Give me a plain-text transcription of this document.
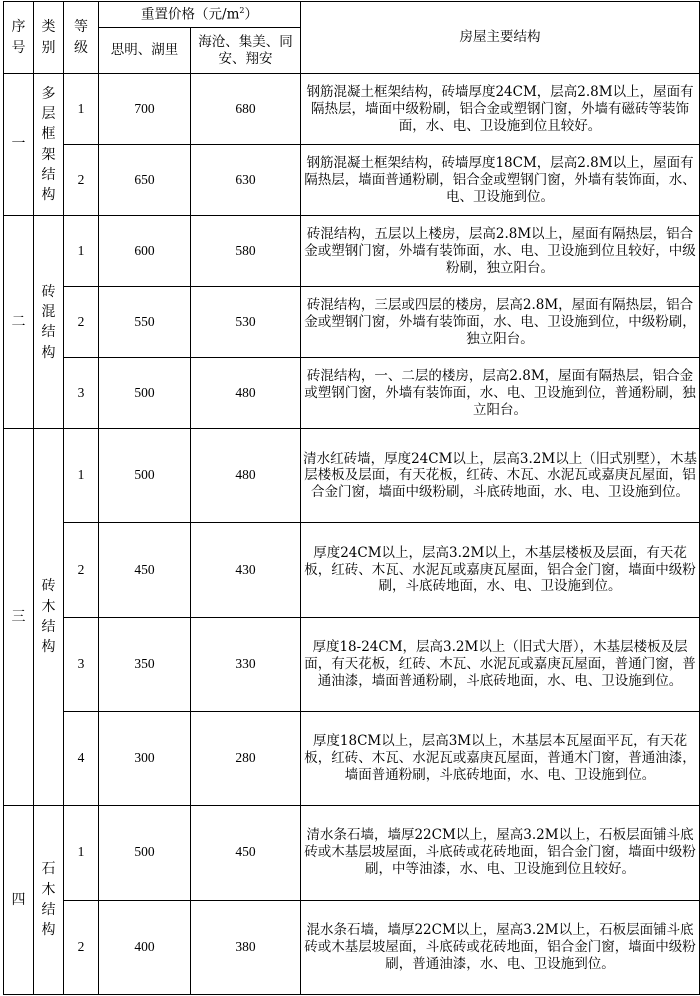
序号	类别	等级	重置价格（元$/m^2$）		房屋主要结构
			思明、湖里	海沧、集美、同安、翔安	
一	多层框架结构	1	700	680	钢筋混凝土框架结构，砖墙厚度24CM，层高2.8M以上，屋面有隔热层，墙面中级粉刷，铝合金或塑钢门窗，外墙有磁砖等装饰面，水、电、卫设施到位且较好。
		2	650	630	钢筋混凝土框架结构，砖墙厚度18CM，层高2.8M以上，屋面有隔热层，墙面普通粉刷，铝合金或塑钢门窗，外墙有装饰面，水、电、卫设施到位。
二	砖混结构	1	600	580	砖混结构，五层以上楼房，层高2.8M以上，屋面有隔热层，铝合金或塑钢门窗，外墙有装饰面，水、电、卫设施到位且较好，中级粉刷，独立阳台。
		2	550	530	砖混结构，三层或四层的楼房，层高2.8M，屋面有隔热层，铝合金或塑钢门窗，外墙有装饰面，水、电、卫设施到位，中级粉刷，独立阳台。
		3	500	480	砖混结构，一、二层的楼房，层高2.8M，屋面有隔热层，铝合金或塑钢门窗，外墙有装饰面，水、电、卫设施到位，普通粉刷，独立阳台。
三	砖木结构	1	500	480	清水红砖墙，厚度24CM以上，层高3.2M以上（旧式别墅），木基层楼板及层面，有天花板，红砖、木瓦、水泥瓦或嘉庚瓦屋面，铝合金门窗，墙面中级粉刷，斗底砖地面，水、电、卫设施到位。
		2	450	430	厚度24CM以上，层高3.2M以上，木基层楼板及层面，有天花板，红砖、木瓦、水泥瓦或嘉庚瓦屋面，铝合金门窗，墙面中级粉刷，斗底砖地面，水、电、卫设施到位。
		3	350	330	厚度18-24CM，层高3.2M以上（旧式大厝），木基层楼板及层面，有天花板，红砖、木瓦、水泥瓦或嘉庚瓦屋面，普通门窗，普通油漆，墙面普通粉刷，斗底砖地面，水、电、卫设施到位。
		4	300	280	厚度18CM以上，层高3M以上，木基层本瓦屋面平瓦，有天花板，红砖、木瓦、水泥瓦或嘉庚瓦屋面，普通木门窗，普通油漆，墙面普通粉刷，斗底砖地面，水、电、卫设施到位。
四	石木结构	1	500	450	清水条石墙，墙厚22CM以上，屋高3.2M以上，石板层面铺斗底砖或木基层坡屋面，斗底砖或花砖地面，铝合金门窗，墙面中级粉刷，中等油漆，水、电、卫设施到位且较好。
		2	400	380	混水条石墙，墙厚22CM以上，屋高3.2M以上，石板层面铺斗底砖或木基层坡屋面，斗底砖或花砖地面，铝合金门窗，墙面中级粉刷，普通油漆，水、电、卫设施到位。
